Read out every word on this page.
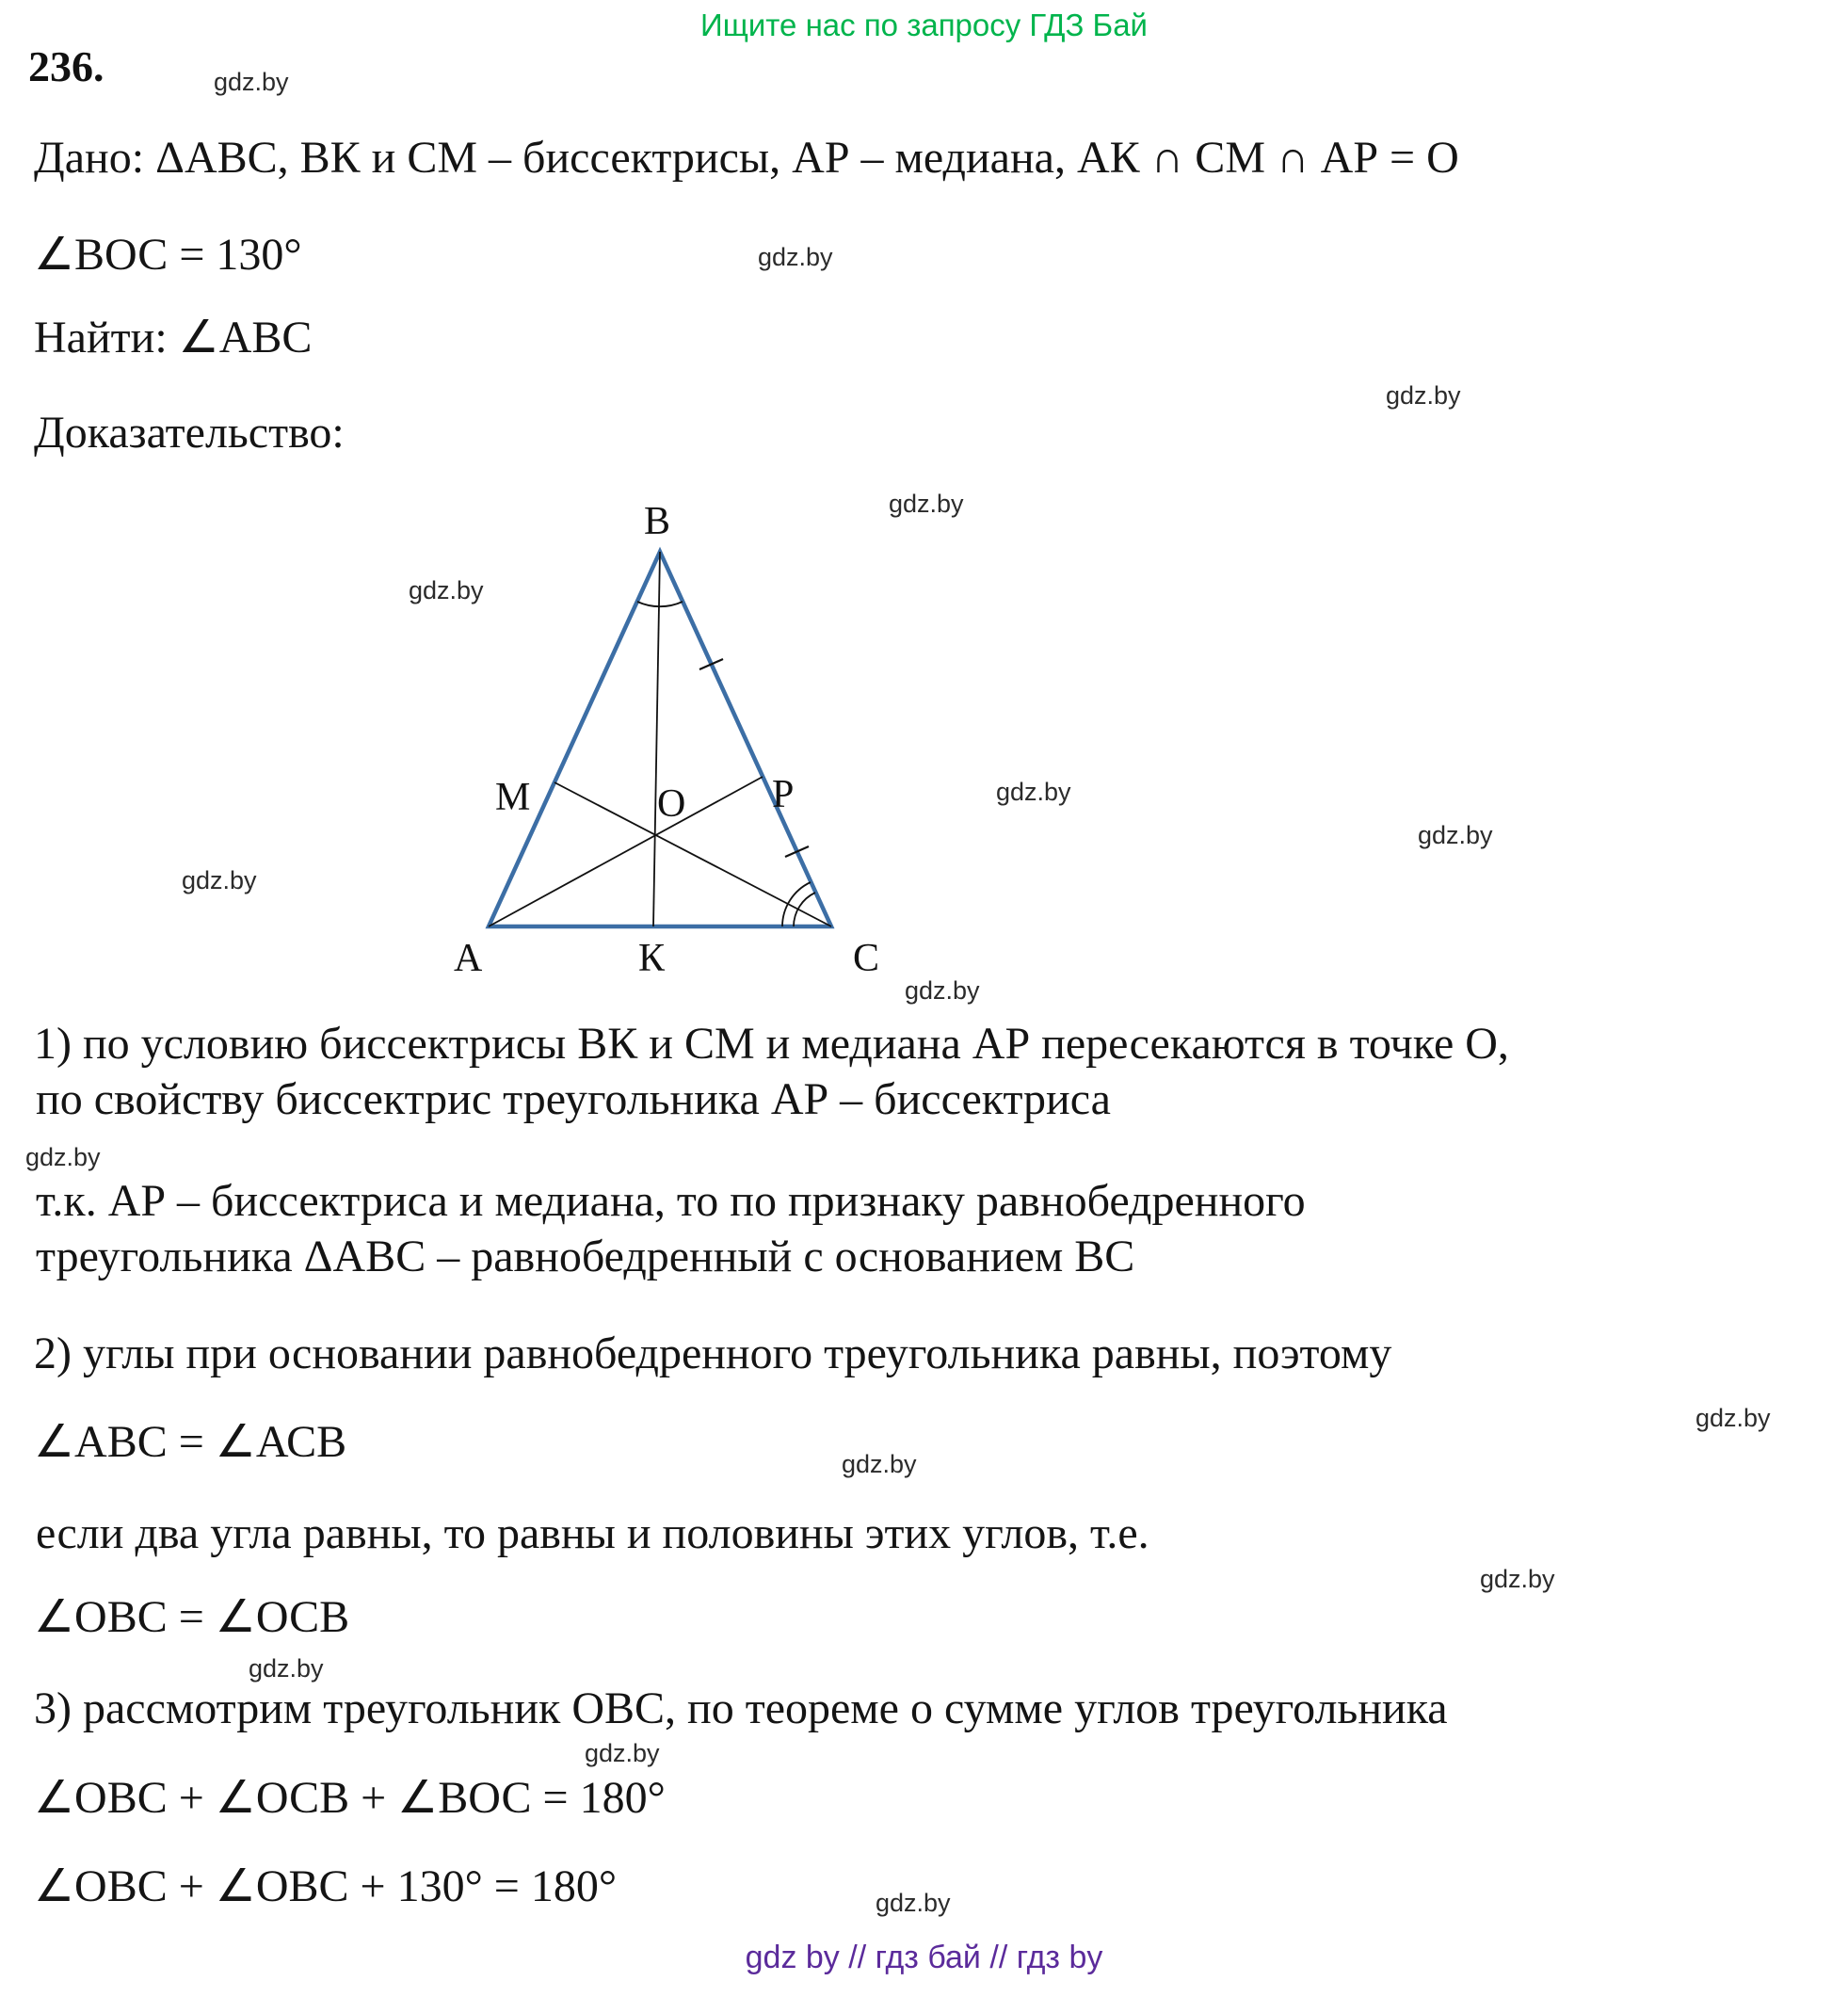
Ищите нас по запросу ГДЗ Бай
236.
Дано: ΔАВС, ВК и СМ – биссектрисы, АР – медиана, АК ∩ СМ ∩ АР = О
∠ВОС = 130°
Найти: ∠АВС
Доказательство:
В
А	К	С
М	О Р
1) по условию биссектрисы ВК и СМ и медиана АР пересекаются в точке О,
по свойству биссектрис треугольника АР – биссектриса
т.к. АР – биссектриса и медиана, то по признаку равнобедренного
треугольника ΔАВС – равнобедренный с основанием ВС
2) углы при основании равнобедренного треугольника равны, поэтому
∠АВС = ∠АСВ
если два угла равны, то равны и половины этих углов, т.е.
∠ОВС = ∠ОСВ
3) рассмотрим треугольник ОВС, по теореме о сумме углов треугольника
∠ОВС + ∠ОСВ + ∠ВОС = 180°
∠ОВС + ∠ОВС + 130° = 180°
gdz.by
gdz.by
gdz.by
gdz.by
gdz.by
gdz.by
gdz.by
gdz.by
gdz.by
gdz.by
gdz.by
gdz.by
gdz.by
gdz.by
gdz.by
gdz.by
gdz by // гдз бай // гдз by
